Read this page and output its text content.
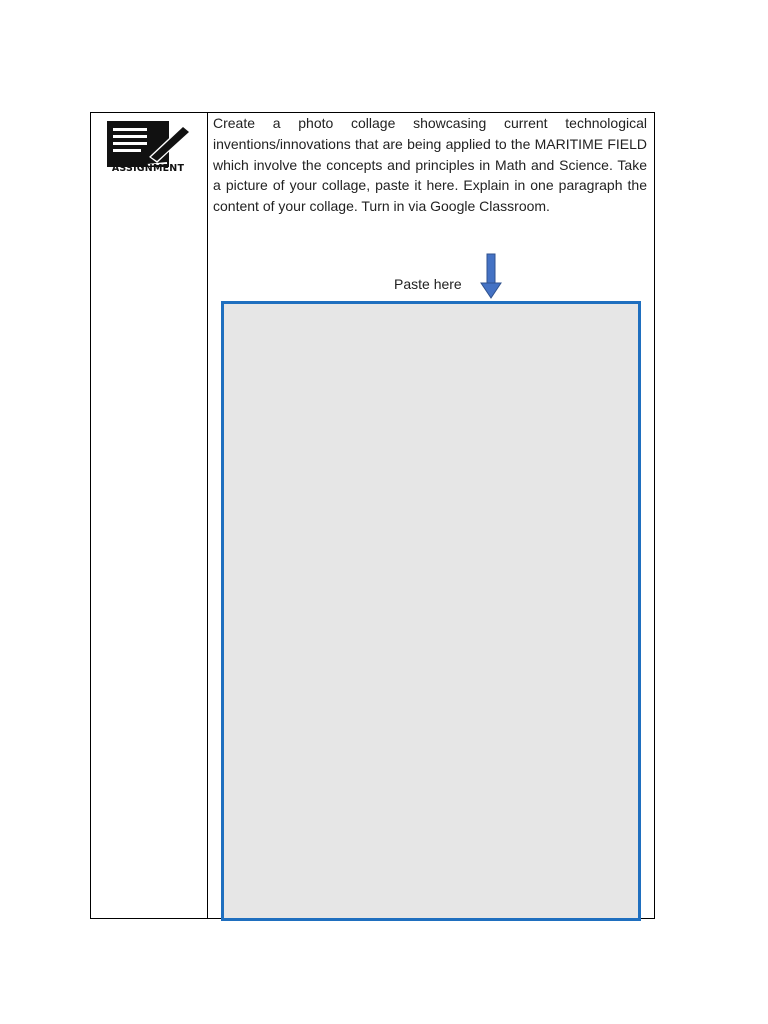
ASSIGNMENT
Create a photo collage showcasing current technological inventions/innovations that are being applied to the MARITIME FIELD which involve the concepts and principles in Math and Science. Take a picture of your collage, paste it here. Explain in one paragraph the content of your collage. Turn in via Google Classroom.
Paste here
